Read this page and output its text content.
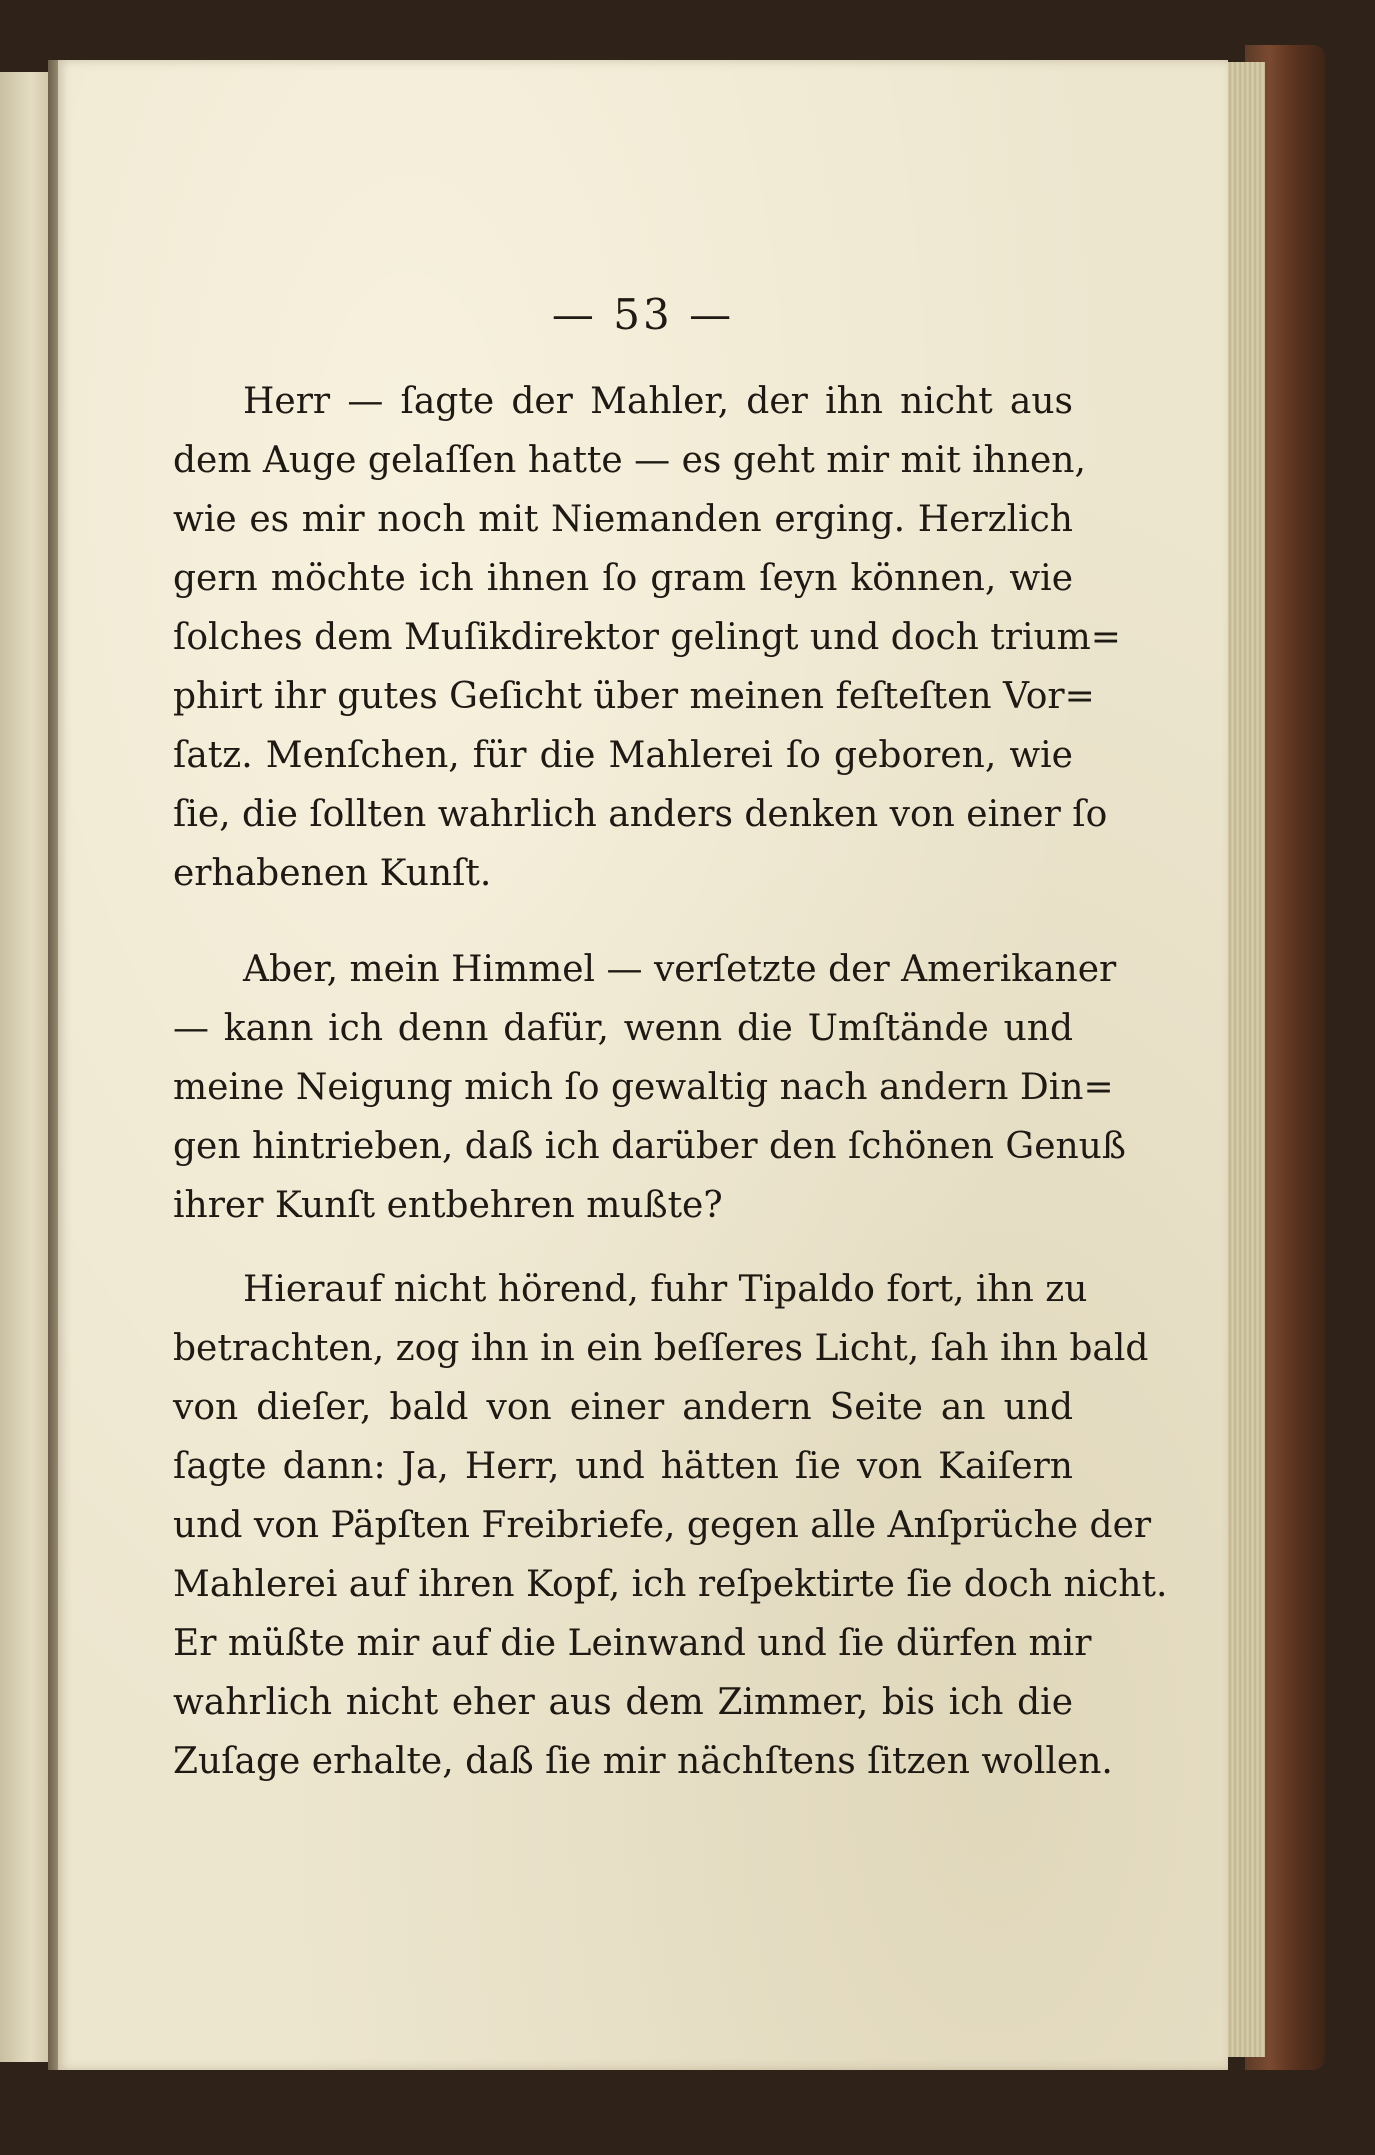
— 53 —
Herr — ſagte der Mahler, der ihn nicht aus
dem Auge gelaſſen hatte — es geht mir mit ihnen,
wie es mir noch mit Niemanden erging. Herzlich
gern möchte ich ihnen ſo gram ſeyn können, wie
ſolches dem Muſikdirektor gelingt und doch trium=
phirt ihr gutes Geſicht über meinen feſteſten Vor=
ſatz. Menſchen, für die Mahlerei ſo geboren, wie
ſie, die ſollten wahrlich anders denken von einer ſo
erhabenen Kunſt.
Aber, mein Himmel — verſetzte der Amerikaner
— kann ich denn dafür, wenn die Umſtände und
meine Neigung mich ſo gewaltig nach andern Din=
gen hintrieben, daß ich darüber den ſchönen Genuß
ihrer Kunſt entbehren mußte?
Hierauf nicht hörend, fuhr Tipaldo fort, ihn zu
betrachten, zog ihn in ein beſſeres Licht, ſah ihn bald
von dieſer, bald von einer andern Seite an und
ſagte dann: Ja, Herr, und hätten ſie von Kaiſern
und von Päpſten Freibriefe, gegen alle Anſprüche der
Mahlerei auf ihren Kopf, ich reſpektirte ſie doch nicht.
Er müßte mir auf die Leinwand und ſie dürfen mir
wahrlich nicht eher aus dem Zimmer, bis ich die
Zuſage erhalte, daß ſie mir nächſtens ſitzen wollen.
